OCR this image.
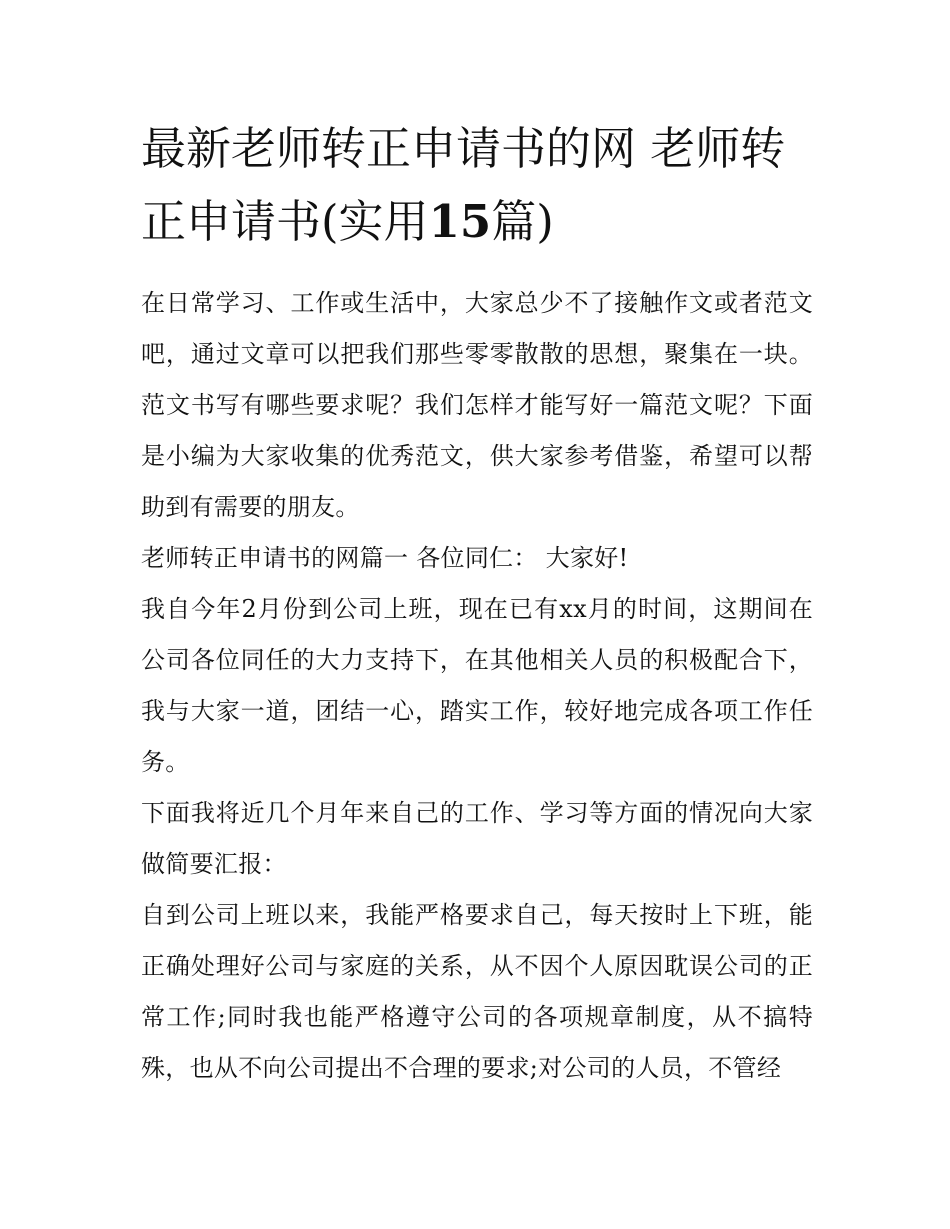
最新老师转正申请书的网 老师转正申请书(实用15篇)

在日常学习、工作或生活中，大家总少不了接触作文或者范文吧，通过文章可以把我们那些零零散散的思想，聚集在一块。范文书写有哪些要求呢？我们怎样才能写好一篇范文呢？下面是小编为大家收集的优秀范文，供大家参考借鉴，希望可以帮助到有需要的朋友。

老师转正申请书的网篇一 各位同仁： 大家好!

我自今年2月份到公司上班，现在已有xx月的时间，这期间在公司各位同任的大力支持下，在其他相关人员的积极配合下，我与大家一道，团结一心，踏实工作，较好地完成各项工作任务。

下面我将近几个月年来自己的工作、学习等方面的情况向大家做简要汇报：

自到公司上班以来，我能严格要求自己，每天按时上下班，能正确处理好公司与家庭的关系，从不因个人原因耽误公司的正常工作;同时我也能严格遵守公司的各项规章制度，从不搞特殊，也从不向公司提出不合理的要求;对公司的人员，不管经
